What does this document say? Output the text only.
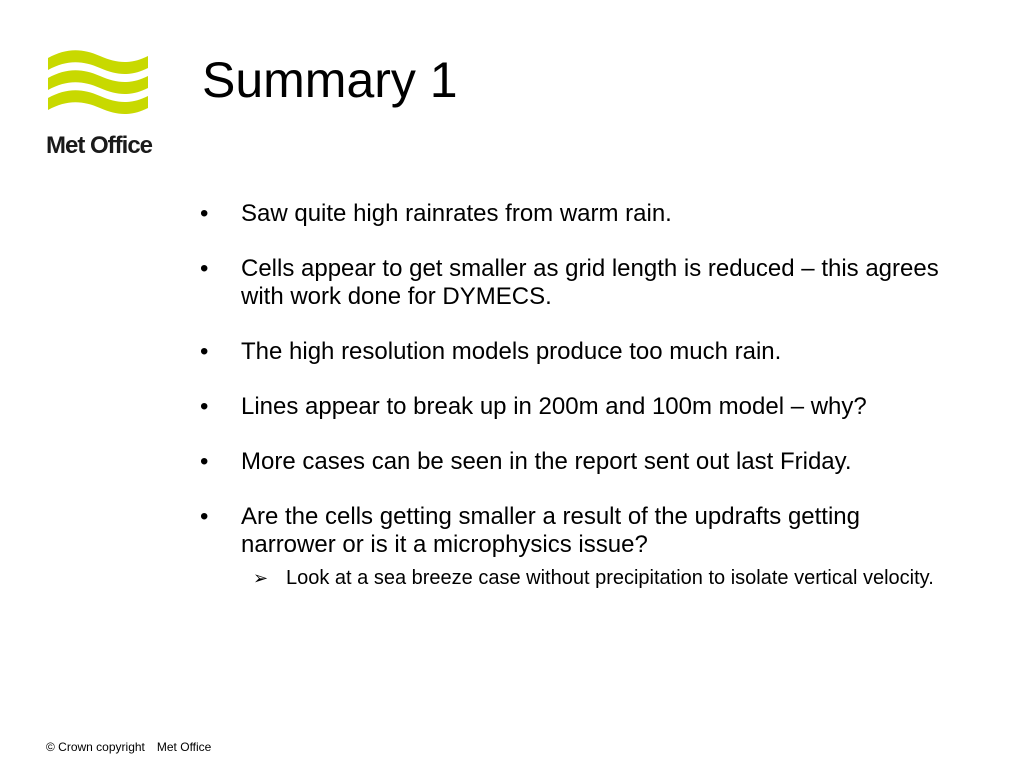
Met Office
Summary 1
•	Saw quite high rainrates from warm rain.
•	Cells appear to get smaller as grid length is reduced – this agrees with work done for DYMECS.
•	The high resolution models produce too much rain.
•	Lines appear to break up in 200m and 100m model – why?
•	More cases can be seen in the report sent out last Friday.
•	Are the cells getting smaller a result of the updrafts getting narrower or is it a microphysics issue?
➢ Look at a sea breeze case without precipitation to isolate vertical velocity.
© Crown copyright Met Office
